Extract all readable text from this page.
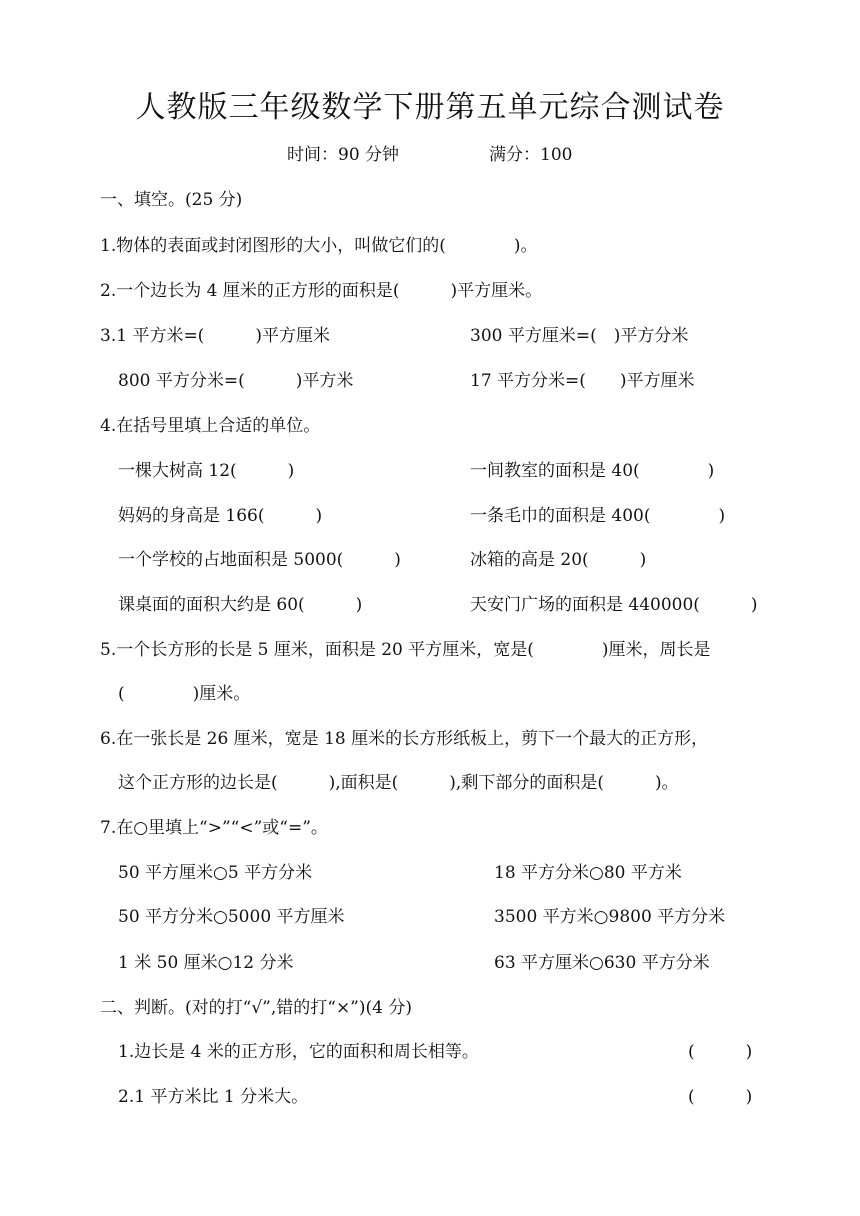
人教版三年级数学下册第五单元综合测试卷
时间：90 分钟	满分：100
一、填空。(25 分)
1.物体的表面或封闭图形的大小，叫做它们的(　　　　)。
2.一个边长为 4 厘米的正方形的面积是(　　　)平方厘米。
3.1 平方米=(　　　)平方厘米	300 平方厘米=(　)平方分米
800 平方分米=(　　　)平方米	17 平方分米=(　　)平方厘米
4.在括号里填上合适的单位。
一棵大树高 12(　　　)	一间教室的面积是 40(　　　　)
妈妈的身高是 166(　　　)	一条毛巾的面积是 400(　　　　)
一个学校的占地面积是 5000(　　　)	冰箱的高是 20(　　　)
课桌面的面积大约是 60(　　　)	天安门广场的面积是 440000(　　　)
5.一个长方形的长是 5 厘米，面积是 20 平方厘米，宽是(　　　　)厘米，周长是
(　　　　)厘米。
6.在一张长是 26 厘米，宽是 18 厘米的长方形纸板上，剪下一个最大的正方形，
这个正方形的边长是(　　　),面积是(　　　),剩下部分的面积是(　　　)。
7.在○里填上“>”“<”或“=”。
50 平方厘米○5 平方分米	18 平方分米○80 平方米
50 平方分米○5000 平方厘米	3500 平方米○9800 平方分米
1 米 50 厘米○12 分米	63 平方厘米○630 平方分米
二、判断。(对的打“√”,错的打“×”)(4 分)
1.边长是 4 米的正方形，它的面积和周长相等。	(　　　)
2.1 平方米比 1 分米大。	(　　　)
